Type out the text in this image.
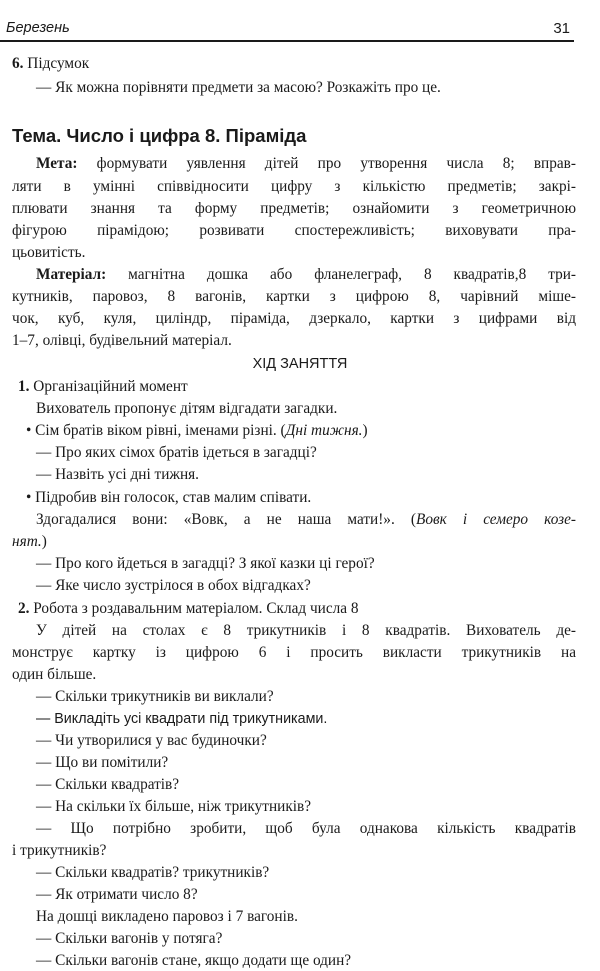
Березень	31
6. Підсумок
— Як можна порівняти предмети за масою? Розкажіть про це.
Тема. Число і цифра 8. Піраміда
Мета: формувати уявлення дітей про утворення числа 8; вправ-
ляти в умінні співвідносити цифру з кількістю предметів; закрі-
плювати знання та форму предметів; ознайомити з геометричною
фігурою пірамідою; розвивати спостережливість; виховувати пра-
цьовитість.
Матеріал: магнітна дошка або фланелеграф, 8 квадратів,8 три-
кутників, паровоз, 8 вагонів, картки з цифрою 8, чарівний міше-
чок, куб, куля, циліндр, піраміда, дзеркало, картки з цифрами від
1–7, олівці, будівельний матеріал.
ХІД ЗАНЯТТЯ
1. Організаційний момент
Вихователь пропонує дітям відгадати загадки.
• Сім братів віком рівні, іменами різні. (Дні тижня.)
— Про яких сімох братів ідеться в загадці?
— Назвіть усі дні тижня.
• Підробив він голосок, став малим співати.
Здогадалися вони: «Вовк, а не наша мати!». (Вовк і семеро козе-
нят.)
— Про кого йдеться в загадці? З якої казки ці герої?
— Яке число зустрілося в обох відгадках?
2. Робота з роздавальним матеріалом. Склад числа 8
У дітей на столах є 8 трикутників і 8 квадратів. Вихователь де-
монструє картку із цифрою 6 і просить викласти трикутників на
один більше.
— Скільки трикутників ви виклали?
— Викладіть усі квадрати під трикутниками.
— Чи утворилися у вас будиночки?
— Що ви помітили?
— Скільки квадратів?
— На скільки їх більше, ніж трикутників?
— Що потрібно зробити, щоб була однакова кількість квадратів
і трикутників?
— Скільки квадратів? трикутників?
— Як отримати число 8?
На дошці викладено паровоз і 7 вагонів.
— Скільки вагонів у потяга?
— Скільки вагонів стане, якщо додати ще один?
